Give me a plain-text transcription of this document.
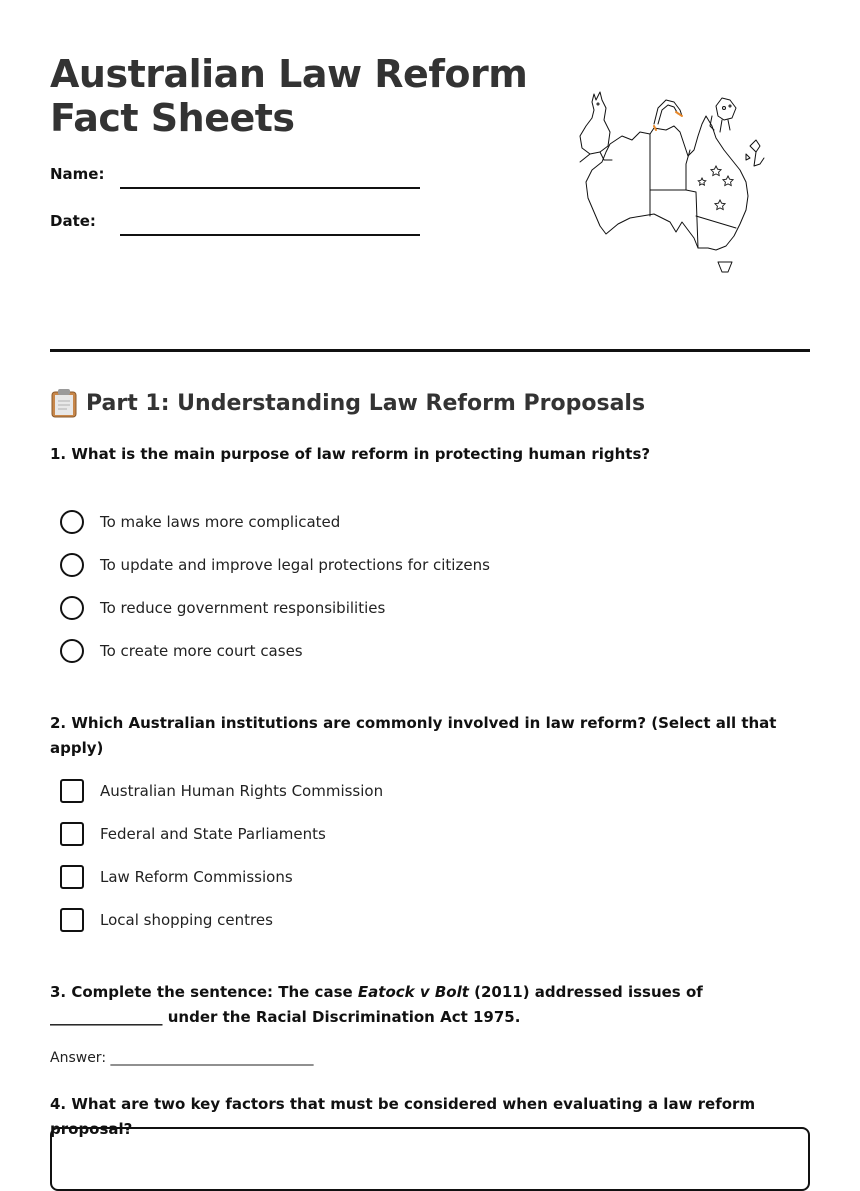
Australian Law Reform
Fact Sheets
Name:
Date:
Part 1: Understanding Law Reform Proposals

1. What is the main purpose of law reform in protecting human rights?

To make laws more complicated
To update and improve legal protections for citizens
To reduce government responsibilities
To create more court cases

2. Which Australian institutions are commonly involved in law reform? (Select all that apply)

Australian Human Rights Commission
Federal and State Parliaments
Law Reform Commissions
Local shopping centres

3. Complete the sentence: The case Eatock v Bolt (2011) addressed issues of _______________ under the Racial Discrimination Act 1975.

Answer: _____________________________

4. What are two key factors that must be considered when evaluating a law reform proposal?
